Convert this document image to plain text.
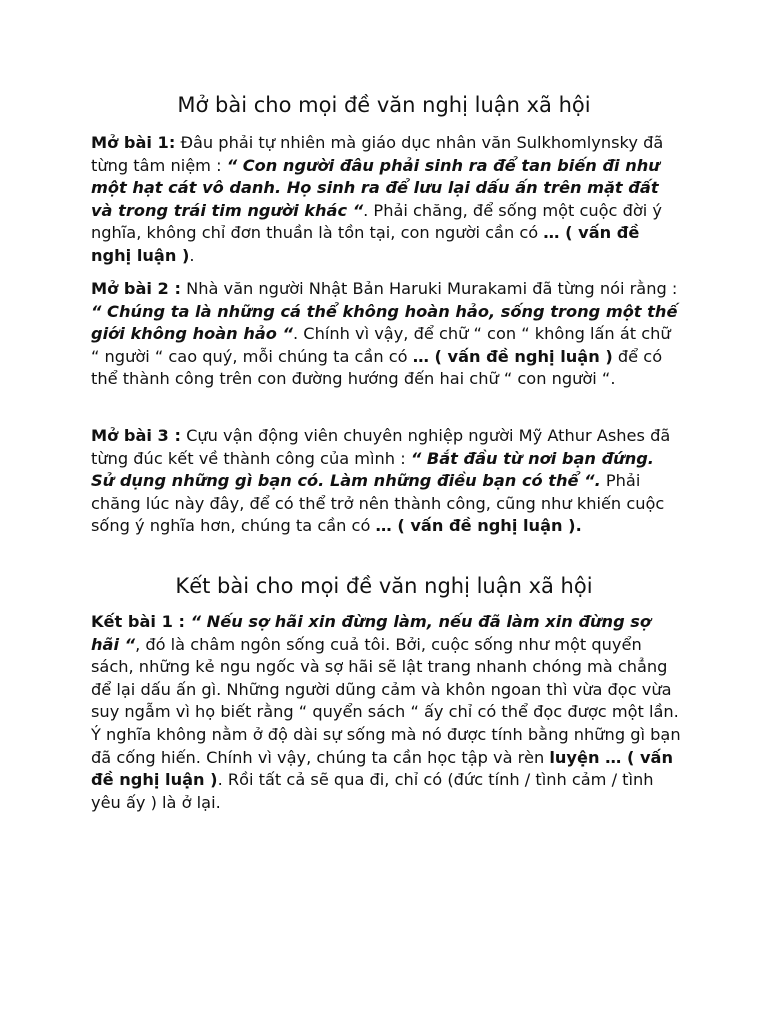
Mở bài cho mọi đề văn nghị luận xã hội

Mở bài 1: Đâu phải tự nhiên mà giáo dục nhân văn Sulkhomlynsky đã từng tâm niệm : “ Con người đâu phải sinh ra để tan biến đi như một hạt cát vô danh. Họ sinh ra để lưu lại dấu ấn trên mặt đất và trong trái tim người khác “. Phải chăng, để sống một cuộc đời ý nghĩa, không chỉ đơn thuần là tồn tại, con người cần có … ( vấn đề nghị luận ).

Mở bài 2 : Nhà văn người Nhật Bản Haruki Murakami đã từng nói rằng : “ Chúng ta là những cá thể không hoàn hảo, sống trong một thế giới không hoàn hảo “. Chính vì vậy, để chữ “ con “ không lấn át chữ “ người “ cao quý, mỗi chúng ta cần có … ( vấn đề nghị luận ) để có thể thành công trên con đường hướng đến hai chữ “ con người “.

Mở bài 3 : Cựu vận động viên chuyên nghiệp người Mỹ Athur Ashes đã từng đúc kết về thành công của mình : “ Bắt đầu từ nơi bạn đứng. Sử dụng những gì bạn có. Làm những điều bạn có thể “. Phải chăng lúc này đây, để có thể trở nên thành công, cũng như khiến cuộc sống ý nghĩa hơn, chúng ta cần có … ( vấn đề nghị luận ).

Kết bài cho mọi đề văn nghị luận xã hội

Kết bài 1 : “ Nếu sợ hãi xin đừng làm, nếu đã làm xin đừng sợ hãi “, đó là châm ngôn sống cuả tôi. Bởi, cuộc sống như một quyển sách, những kẻ ngu ngốc và sợ hãi sẽ lật trang nhanh chóng mà chẳng để lại dấu ấn gì. Những người dũng cảm và khôn ngoan thì vừa đọc vừa suy ngẫm vì họ biết rằng “ quyển sách “ ấy chỉ có thể đọc được một lần. Ý nghĩa không nằm ở độ dài sự sống mà nó được tính bằng những gì bạn đã cống hiến. Chính vì vậy, chúng ta cần học tập và rèn luyện … ( vấn đề nghị luận ). Rồi tất cả sẽ qua đi, chỉ có (đức tính / tình cảm / tình yêu ấy ) là ở lại.
